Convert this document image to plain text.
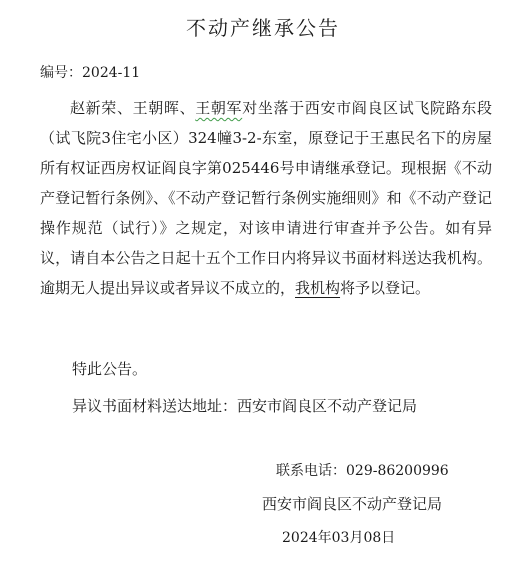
不动产继承公告
编号：2024-11
赵新荣、王朝晖、王朝军对坐落于西安市阎良区试飞院路东段（试飞院3住宅小区）324幢3-2-东室，原登记于王惠民名下的房屋所有权证西房权证阎良字第025446号申请继承登记。现根据《不动产登记暂行条例》、《不动产登记暂行条例实施细则》和《不动产登记操作规范（试行）》之规定，对该申请进行审查并予公告。如有异议，请自本公告之日起十五个工作日内将异议书面材料送达我机构。逾期无人提出异议或者异议不成立的，我机构将予以登记。
特此公告。
异议书面材料送达地址：西安市阎良区不动产登记局
联系电话：029-86200996
西安市阎良区不动产登记局
2024年03月08日
